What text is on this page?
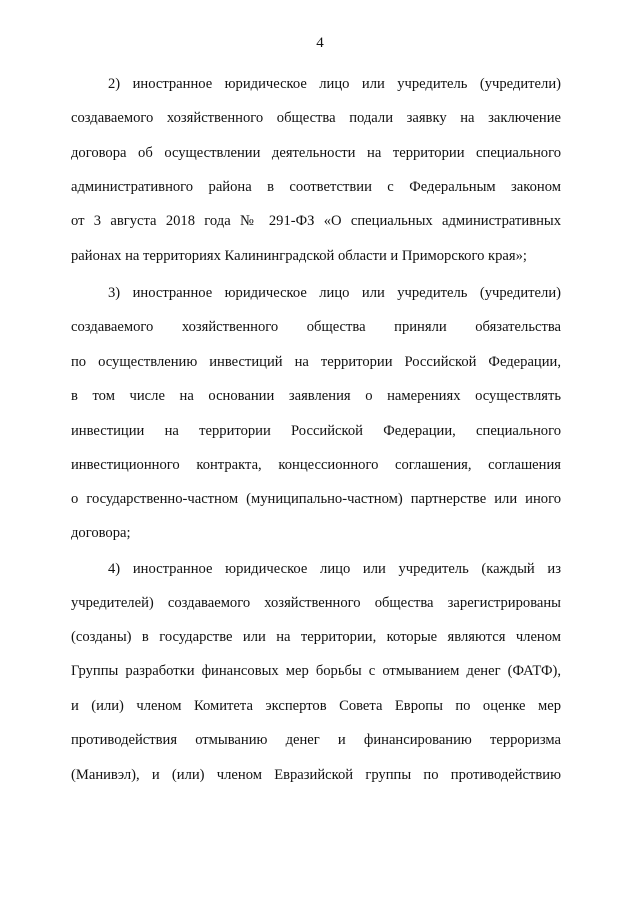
4
2) иностранное юридическое лицо или учредитель (учредители)
создаваемого хозяйственного общества подали заявку на заключение
договора об осуществлении деятельности на территории специального
административного района в соответствии с Федеральным законом
от 3 августа 2018 года № 291-ФЗ «О специальных административных
районах на территориях Калининградской области и Приморского края»;
3) иностранное юридическое лицо или учредитель (учредители)
создаваемого хозяйственного общества приняли обязательства
по осуществлению инвестиций на территории Российской Федерации,
в том числе на основании заявления о намерениях осуществлять
инвестиции на территории Российской Федерации, специального
инвестиционного контракта, концессионного соглашения, соглашения
о государственно-частном (муниципально-частном) партнерстве или иного
договора;
4) иностранное юридическое лицо или учредитель (каждый из
учредителей) создаваемого хозяйственного общества зарегистрированы
(созданы) в государстве или на территории, которые являются членом
Группы разработки финансовых мер борьбы с отмыванием денег (ФАТФ),
и (или) членом Комитета экспертов Совета Европы по оценке мер
противодействия отмыванию денег и финансированию терроризма
(Манивэл), и (или) членом Евразийской группы по противодействию
